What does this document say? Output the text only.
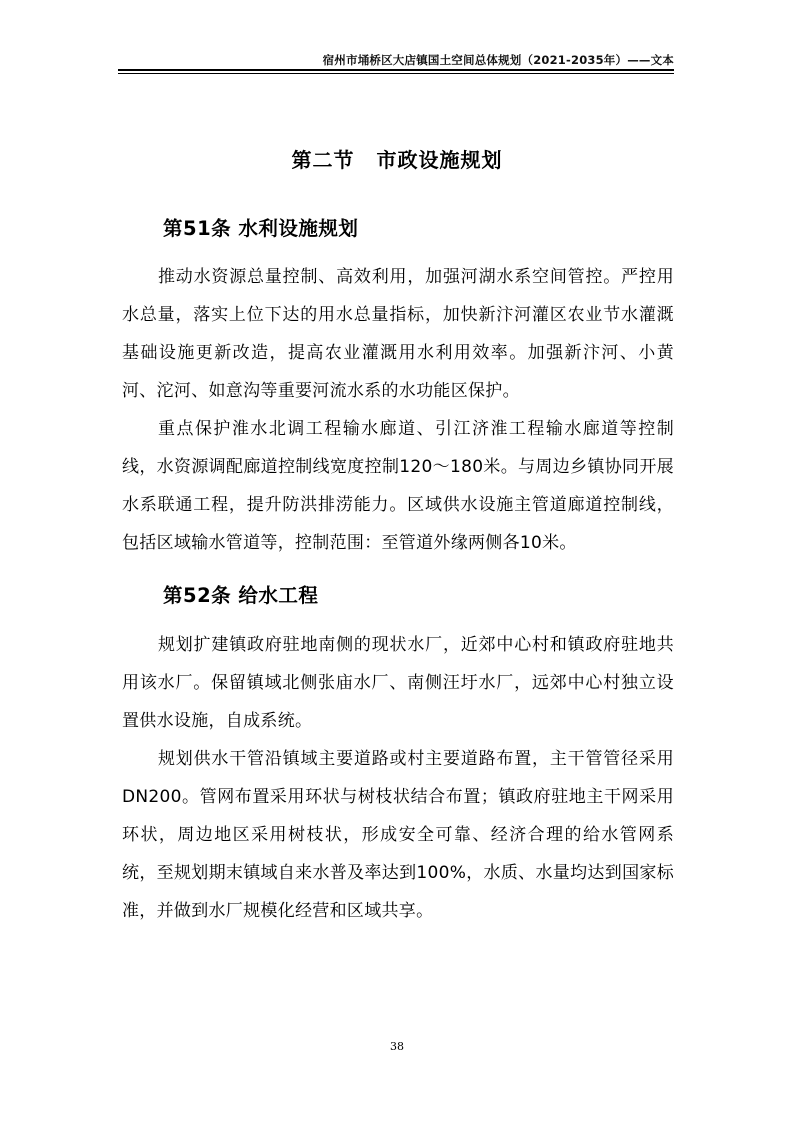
宿州市埇桥区大店镇国土空间总体规划（2021-2035年）——文本
第二节 市政设施规划
第51条 水利设施规划
推动水资源总量控制、高效利用，加强河湖水系空间管控。严控用水总量，落实上位下达的用水总量指标，加快新汴河灌区农业节水灌溉基础设施更新改造，提高农业灌溉用水利用效率。加强新汴河、小黄河、沱河、如意沟等重要河流水系的水功能区保护。
重点保护淮水北调工程输水廊道、引江济淮工程输水廊道等控制线，水资源调配廊道控制线宽度控制120～180米。与周边乡镇协同开展水系联通工程，提升防洪排涝能力。区域供水设施主管道廊道控制线，包括区域输水管道等，控制范围：至管道外缘两侧各10米。
第52条 给水工程
规划扩建镇政府驻地南侧的现状水厂，近郊中心村和镇政府驻地共用该水厂。保留镇域北侧张庙水厂、南侧汪圩水厂，远郊中心村独立设置供水设施，自成系统。
规划供水干管沿镇域主要道路或村主要道路布置，主干管管径采用DN200。管网布置采用环状与树枝状结合布置；镇政府驻地主干网采用环状，周边地区采用树枝状，形成安全可靠、经济合理的给水管网系统，至规划期末镇域自来水普及率达到100%，水质、水量均达到国家标准，并做到水厂规模化经营和区域共享。
38
